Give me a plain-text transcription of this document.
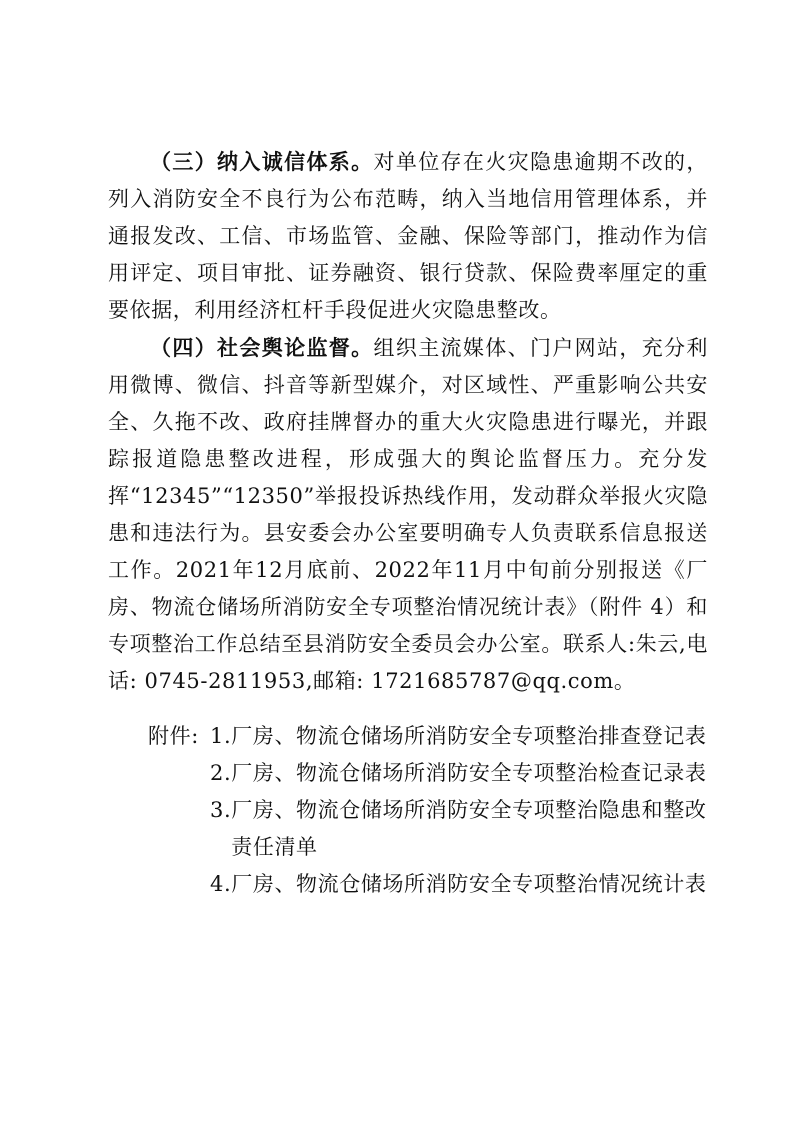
（三）纳入诚信体系。对单位存在火灾隐患逾期不改的，列入消防安全不良行为公布范畴，纳入当地信用管理体系，并通报发改、工信、市场监管、金融、保险等部门，推动作为信用评定、项目审批、证券融资、银行贷款、保险费率厘定的重要依据，利用经济杠杆手段促进火灾隐患整改。

（四）社会舆论监督。组织主流媒体、门户网站，充分利用微博、微信、抖音等新型媒介，对区域性、严重影响公共安全、久拖不改、政府挂牌督办的重大火灾隐患进行曝光，并跟踪报道隐患整改进程，形成强大的舆论监督压力。充分发挥“12345”“12350”举报投诉热线作用，发动群众举报火灾隐患和违法行为。县安委会办公室要明确专人负责联系信息报送工作。2021年12月底前、2022年11月中旬前分别报送《厂房、物流仓储场所消防安全专项整治情况统计表》（附件 4）和专项整治工作总结至县消防安全委员会办公室。联系人:朱云,电话: 0745-2811953,邮箱: 1721685787@qq.com。

附件: 1. 厂房、物流仓储场所消防安全专项整治排查登记表
2. 厂房、物流仓储场所消防安全专项整治检查记录表
3. 厂房、物流仓储场所消防安全专项整治隐患和整改责任清单
4. 厂房、物流仓储场所消防安全专项整治情况统计表
